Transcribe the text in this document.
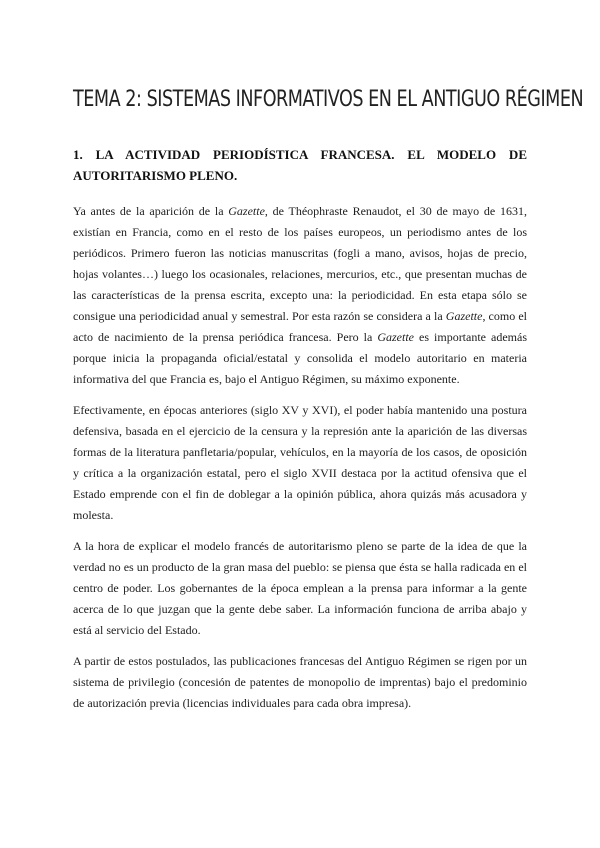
TEMA 2: SISTEMAS INFORMATIVOS EN EL ANTIGUO RÉGIMEN
1. LA ACTIVIDAD PERIODÍSTICA FRANCESA. EL MODELO DE AUTORITARISMO PLENO.

Ya antes de la aparición de la Gazette, de Théophraste Renaudot, el 30 de mayo de 1631, existían en Francia, como en el resto de los países europeos, un periodismo antes de los periódicos. Primero fueron las noticias manuscritas (fogli a mano, avisos, hojas de precio, hojas volantes…) luego los ocasionales, relaciones, mercurios, etc., que presentan muchas de las características de la prensa escrita, excepto una: la periodicidad. En esta etapa sólo se consigue una periodicidad anual y semestral. Por esta razón se considera a la Gazette, como el acto de nacimiento de la prensa periódica francesa. Pero la Gazette es importante además porque inicia la propaganda oficial/estatal y consolida el modelo autoritario en materia informativa del que Francia es, bajo el Antiguo Régimen, su máximo exponente.

Efectivamente, en épocas anteriores (siglo XV y XVI), el poder había mantenido una postura defensiva, basada en el ejercicio de la censura y la represión ante la aparición de las diversas formas de la literatura panfletaria/popular, vehículos, en la mayoría de los casos, de oposición y crítica a la organización estatal, pero el siglo XVII destaca por la actitud ofensiva que el Estado emprende con el fin de doblegar a la opinión pública, ahora quizás más acusadora y molesta.

A la hora de explicar el modelo francés de autoritarismo pleno se parte de la idea de que la verdad no es un producto de la gran masa del pueblo: se piensa que ésta se halla radicada en el centro de poder. Los gobernantes de la época emplean a la prensa para informar a la gente acerca de lo que juzgan que la gente debe saber. La información funciona de arriba abajo y está al servicio del Estado.

A partir de estos postulados, las publicaciones francesas del Antiguo Régimen se rigen por un sistema de privilegio (concesión de patentes de monopolio de imprentas) bajo el predominio de autorización previa (licencias individuales para cada obra impresa).
